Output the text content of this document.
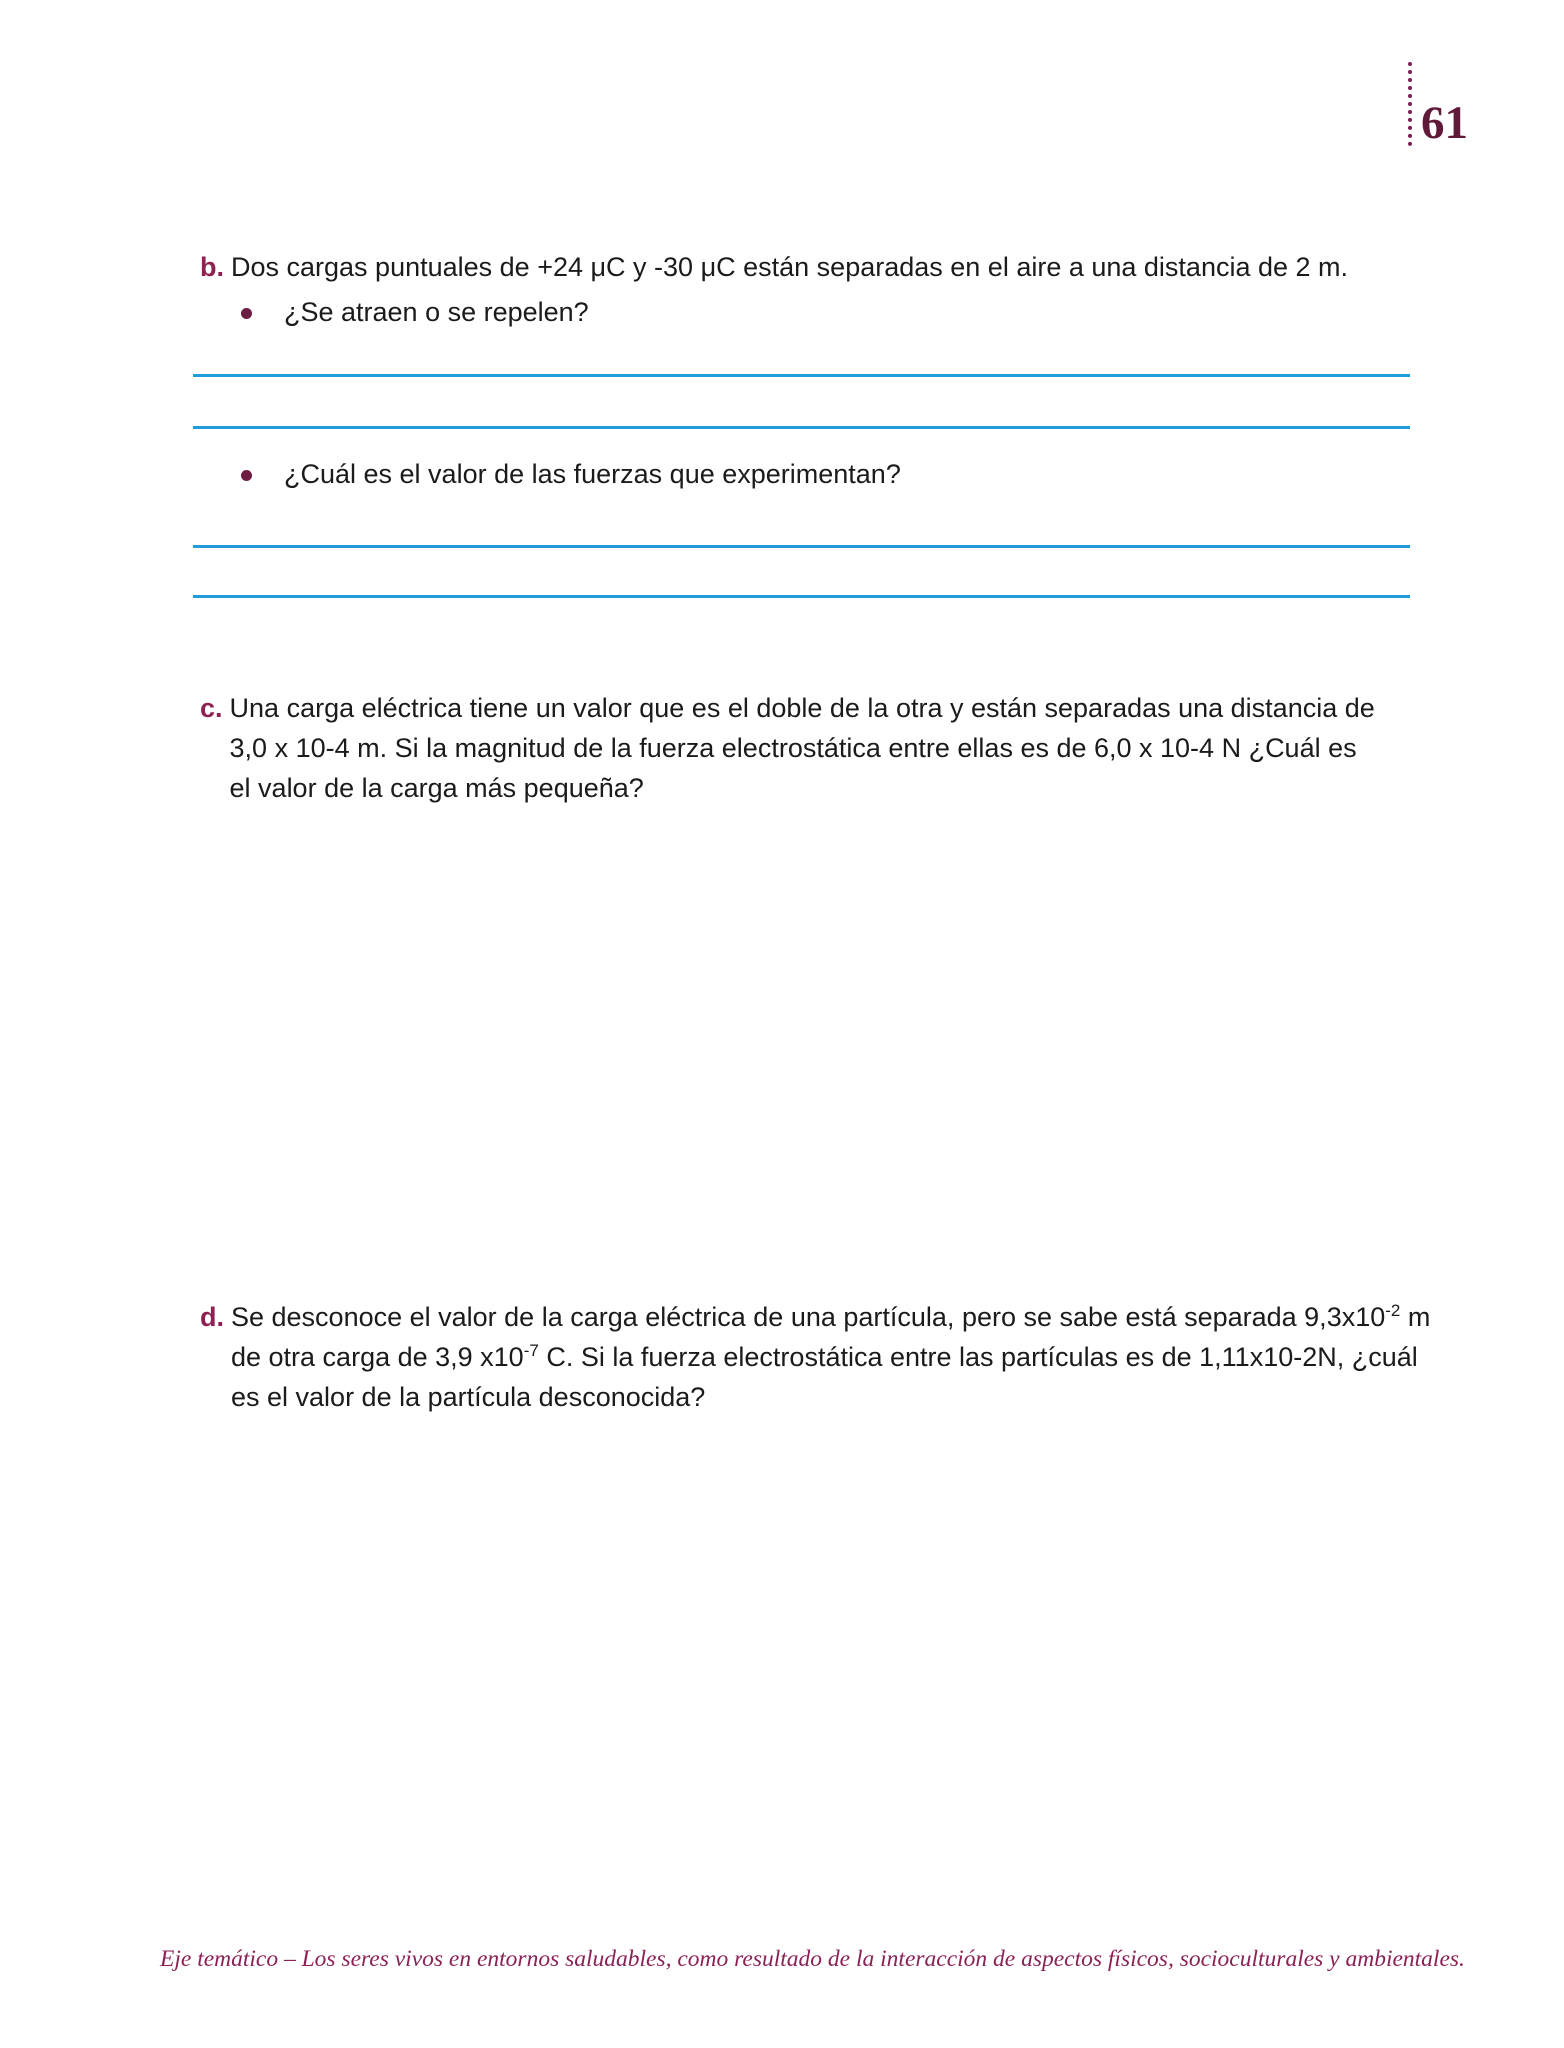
61
b. Dos cargas puntuales de +24 μC y -30 μC están separadas en el aire a una distancia de 2 m.
¿Se atraen o se repelen?
¿Cuál es el valor de las fuerzas que experimentan?
c. Una carga eléctrica tiene un valor que es el doble de la otra y están separadas una distancia de
3,0 x 10-4 m. Si la magnitud de la fuerza electrostática entre ellas es de 6,0 x 10-4 N ¿Cuál es
el valor de la carga más pequeña?
d. Se desconoce el valor de la carga eléctrica de una partícula, pero se sabe está separada $9,3x10^{-2}$ m
de otra carga de 3,9 $x10^{-7}$ C. Si la fuerza electrostática entre las partículas es de 1,11x10-2N, ¿cuál
es el valor de la partícula desconocida?
Eje temático – Los seres vivos en entornos saludables, como resultado de la interacción de aspectos físicos, socioculturales y ambientales.
